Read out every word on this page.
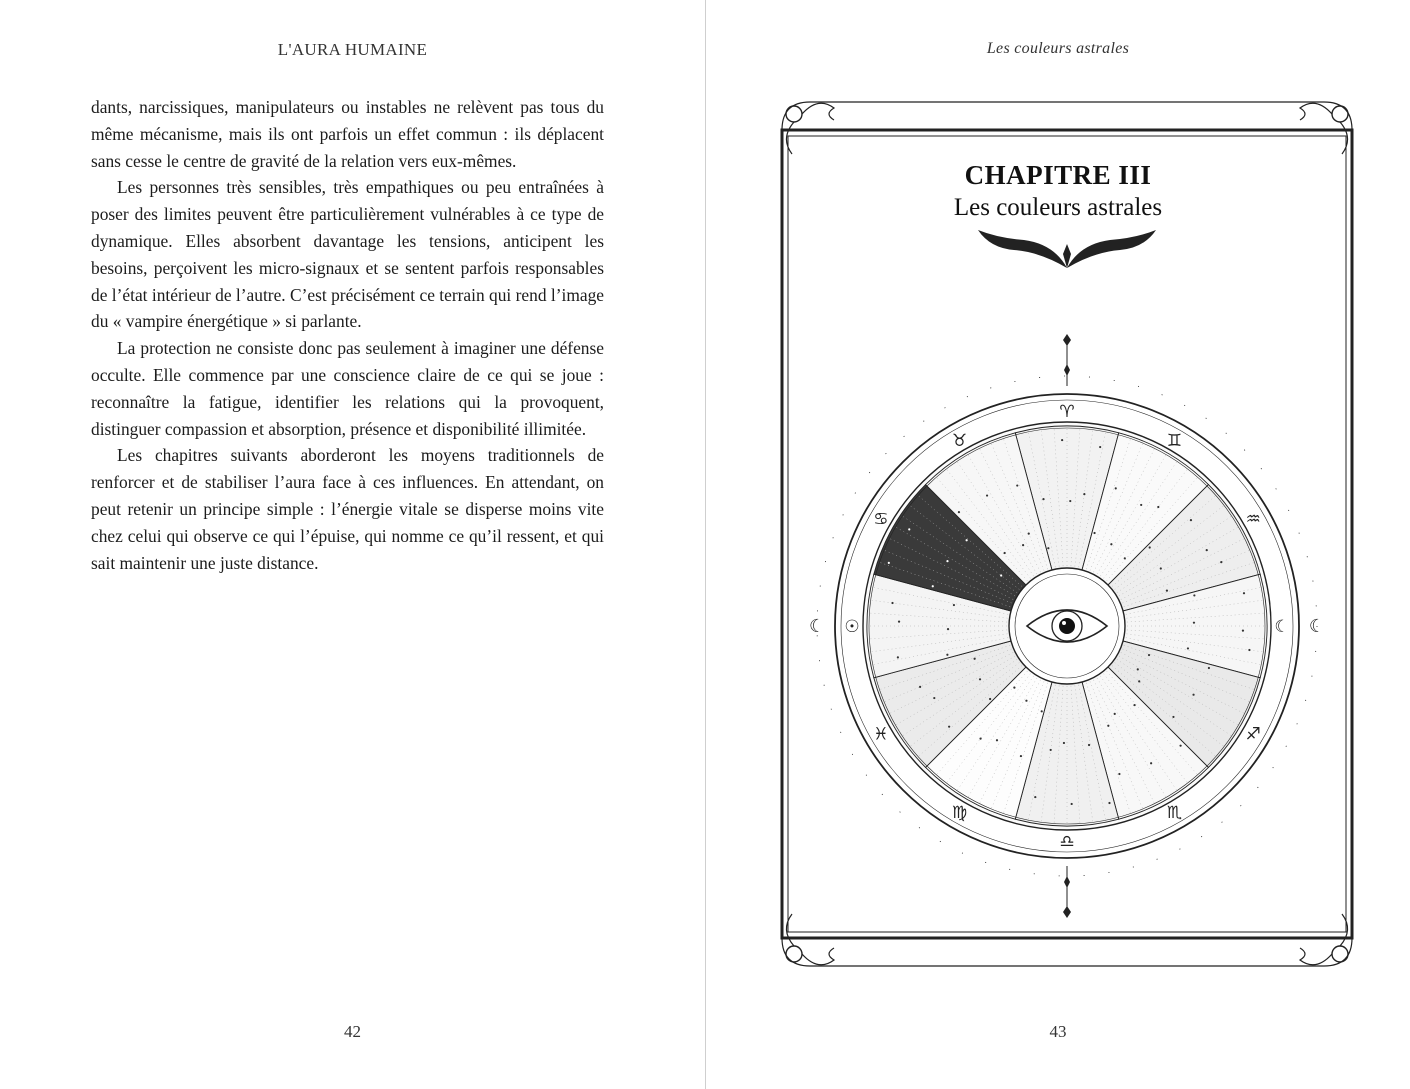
L'AURA HUMAINE

dants, narcissiques, manipulateurs ou instables ne relèvent pas tous du même mécanisme, mais ils ont parfois un effet commun : ils déplacent sans cesse le centre de gravité de la relation vers eux-mêmes.

Les personnes très sensibles, très empathiques ou peu entraînées à poser des limites peuvent être particulièrement vulnérables à ce type de dynamique. Elles absorbent davantage les tensions, anticipent les besoins, perçoivent les micro-signaux et se sentent parfois responsables de l’état intérieur de l’autre. C’est précisément ce terrain qui rend l’image du « vampire énergétique » si parlante.

La protection ne consiste donc pas seulement à imaginer une défense occulte. Elle commence par une conscience claire de ce qui se joue : reconnaître la fatigue, identifier les relations qui la provoquent, distinguer compassion et absorption, présence et disponibilité illimitée.

Les chapitres suivants aborderont les moyens traditionnels de renforcer et de stabiliser l’aura face à ces influences. En attendant, on peut retenir un principe simple : l’énergie vitale se disperse moins vite chez celui qui observe ce qui l’épuise, qui nomme ce qu’il ressent, et qui sait maintenir une juste distance.

42
Les couleurs astrales
♈
♊
♒
☾
♐
♏
♎
♍
♓
☉
♋
♉
☾	☾
CHAPITRE III
Les couleurs astrales
43
